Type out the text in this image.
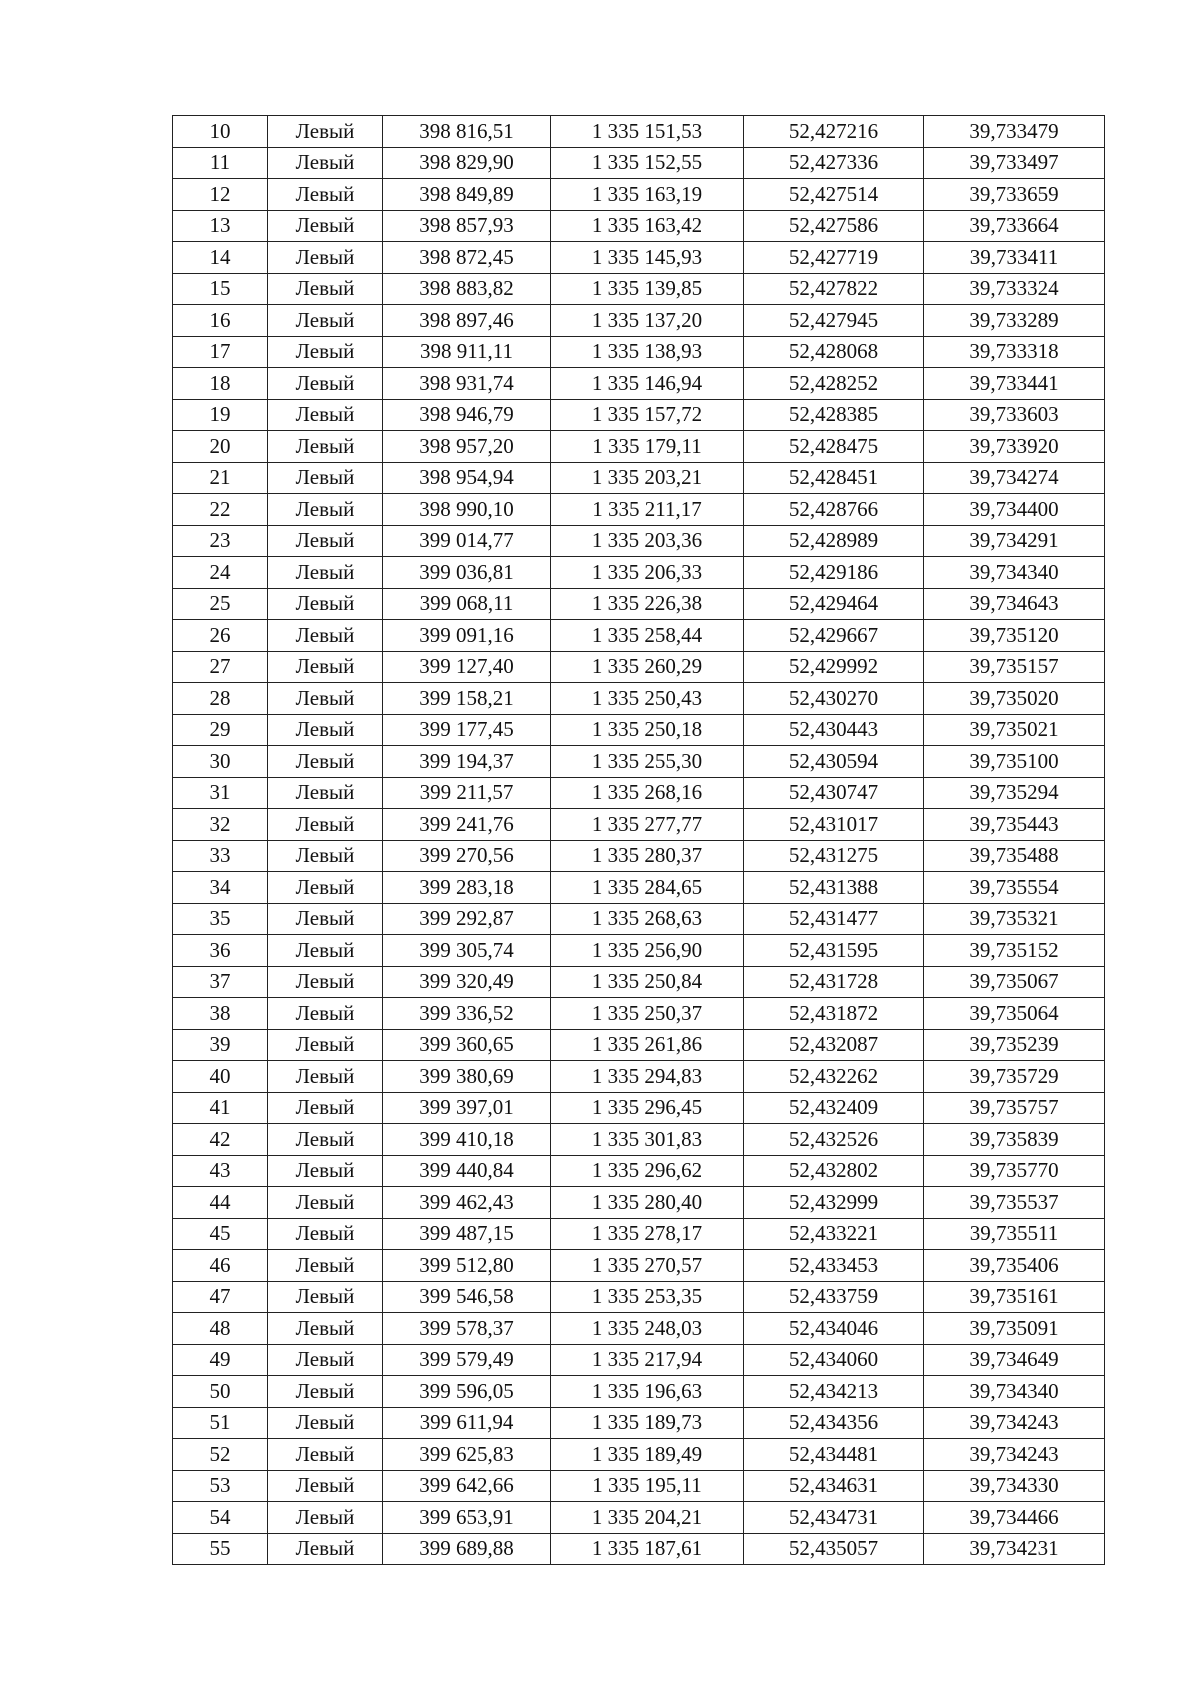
10	Левый	398 816,51	1 335 151,53	52,427216	39,733479
11	Левый	398 829,90	1 335 152,55	52,427336	39,733497
12	Левый	398 849,89	1 335 163,19	52,427514	39,733659
13	Левый	398 857,93	1 335 163,42	52,427586	39,733664
14	Левый	398 872,45	1 335 145,93	52,427719	39,733411
15	Левый	398 883,82	1 335 139,85	52,427822	39,733324
16	Левый	398 897,46	1 335 137,20	52,427945	39,733289
17	Левый	398 911,11	1 335 138,93	52,428068	39,733318
18	Левый	398 931,74	1 335 146,94	52,428252	39,733441
19	Левый	398 946,79	1 335 157,72	52,428385	39,733603
20	Левый	398 957,20	1 335 179,11	52,428475	39,733920
21	Левый	398 954,94	1 335 203,21	52,428451	39,734274
22	Левый	398 990,10	1 335 211,17	52,428766	39,734400
23	Левый	399 014,77	1 335 203,36	52,428989	39,734291
24	Левый	399 036,81	1 335 206,33	52,429186	39,734340
25	Левый	399 068,11	1 335 226,38	52,429464	39,734643
26	Левый	399 091,16	1 335 258,44	52,429667	39,735120
27	Левый	399 127,40	1 335 260,29	52,429992	39,735157
28	Левый	399 158,21	1 335 250,43	52,430270	39,735020
29	Левый	399 177,45	1 335 250,18	52,430443	39,735021
30	Левый	399 194,37	1 335 255,30	52,430594	39,735100
31	Левый	399 211,57	1 335 268,16	52,430747	39,735294
32	Левый	399 241,76	1 335 277,77	52,431017	39,735443
33	Левый	399 270,56	1 335 280,37	52,431275	39,735488
34	Левый	399 283,18	1 335 284,65	52,431388	39,735554
35	Левый	399 292,87	1 335 268,63	52,431477	39,735321
36	Левый	399 305,74	1 335 256,90	52,431595	39,735152
37	Левый	399 320,49	1 335 250,84	52,431728	39,735067
38	Левый	399 336,52	1 335 250,37	52,431872	39,735064
39	Левый	399 360,65	1 335 261,86	52,432087	39,735239
40	Левый	399 380,69	1 335 294,83	52,432262	39,735729
41	Левый	399 397,01	1 335 296,45	52,432409	39,735757
42	Левый	399 410,18	1 335 301,83	52,432526	39,735839
43	Левый	399 440,84	1 335 296,62	52,432802	39,735770
44	Левый	399 462,43	1 335 280,40	52,432999	39,735537
45	Левый	399 487,15	1 335 278,17	52,433221	39,735511
46	Левый	399 512,80	1 335 270,57	52,433453	39,735406
47	Левый	399 546,58	1 335 253,35	52,433759	39,735161
48	Левый	399 578,37	1 335 248,03	52,434046	39,735091
49	Левый	399 579,49	1 335 217,94	52,434060	39,734649
50	Левый	399 596,05	1 335 196,63	52,434213	39,734340
51	Левый	399 611,94	1 335 189,73	52,434356	39,734243
52	Левый	399 625,83	1 335 189,49	52,434481	39,734243
53	Левый	399 642,66	1 335 195,11	52,434631	39,734330
54	Левый	399 653,91	1 335 204,21	52,434731	39,734466
55	Левый	399 689,88	1 335 187,61	52,435057	39,734231
